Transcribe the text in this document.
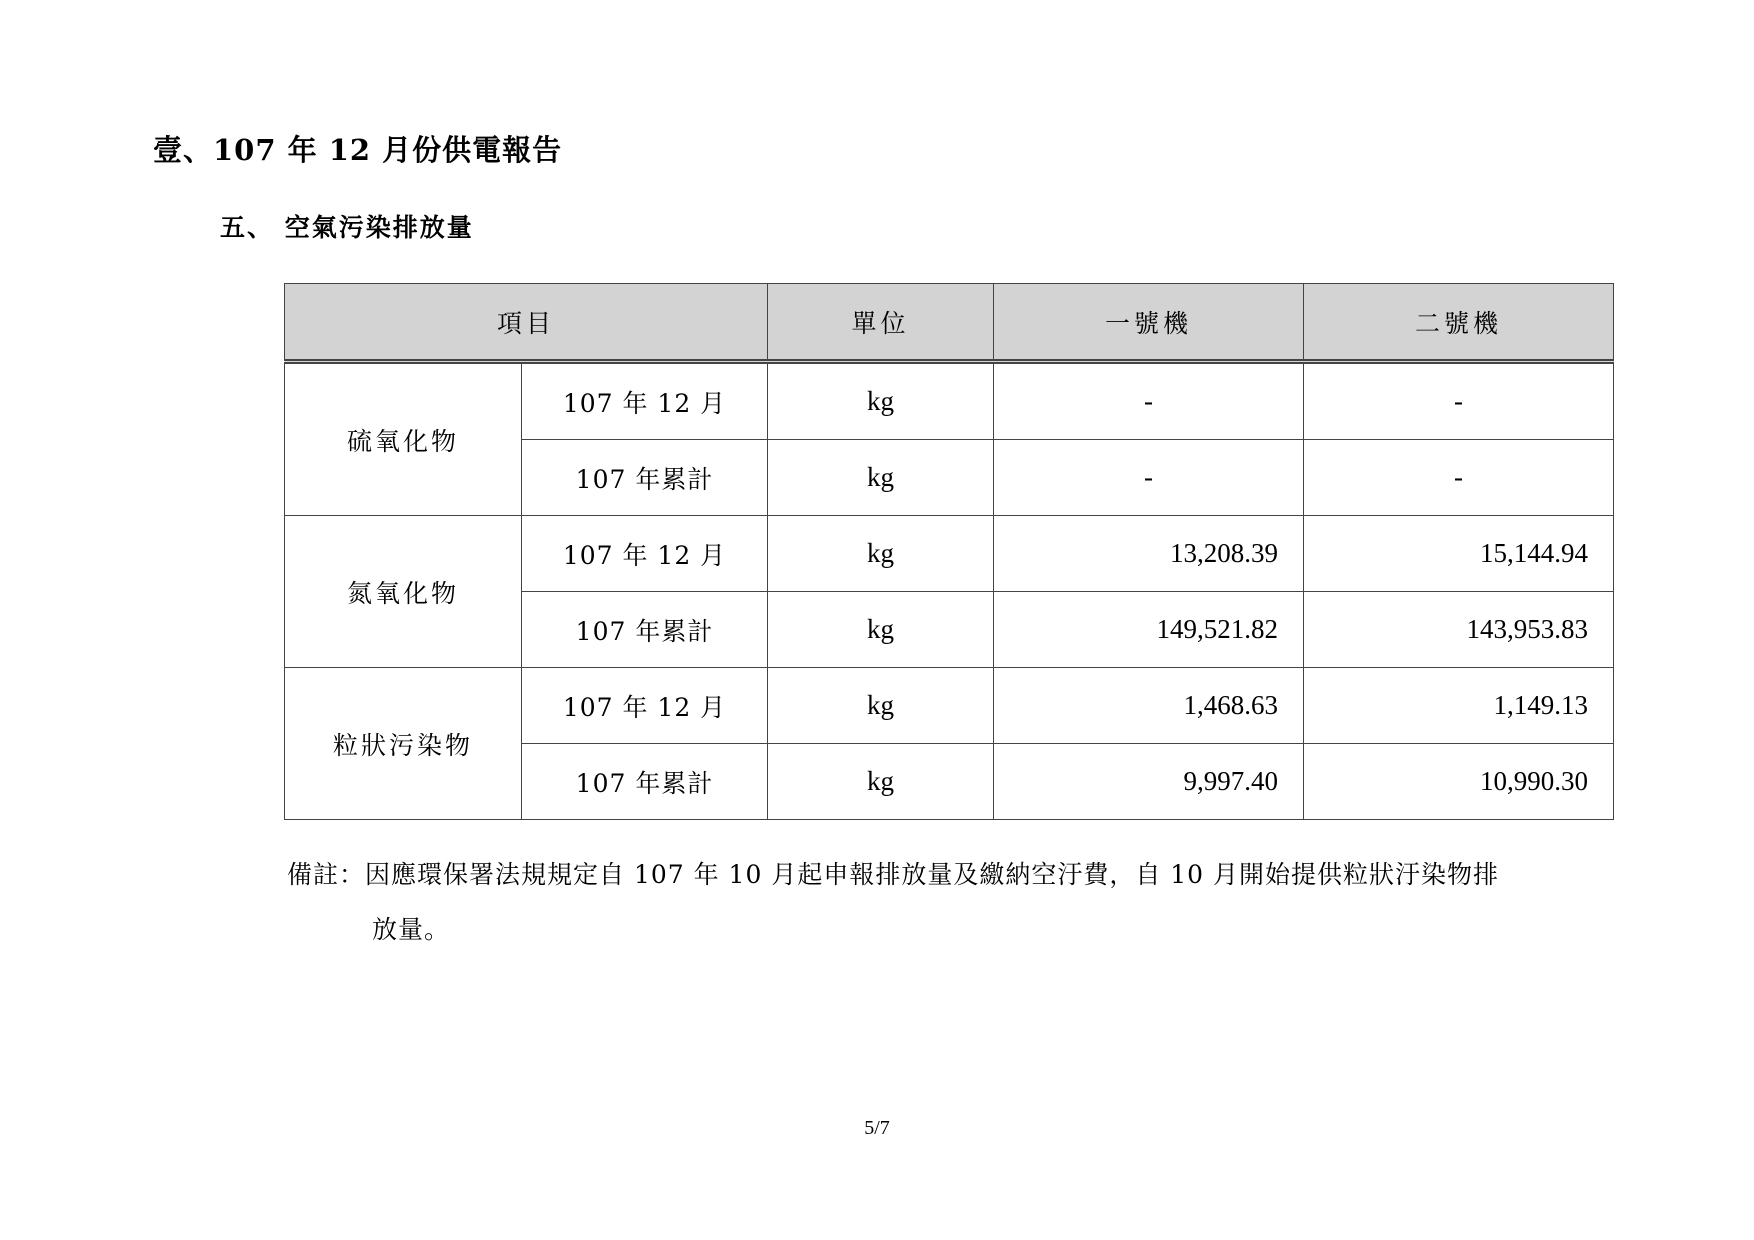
壹、107 年 12 月份供電報告
五、 空氣污染排放量
項目		單位	一號機	二號機
硫氧化物	107 年 12 月	kg	-	-
	107 年累計	kg	-	-
氮氧化物	107 年 12 月	kg	13,208.39	15,144.94
	107 年累計	kg	149,521.82	143,953.83
粒狀污染物	107 年 12 月	kg	1,468.63	1,149.13
	107 年累計	kg	9,997.40	10,990.30
備註：因應環保署法規規定自 107 年 10 月起申報排放量及繳納空汙費，自 10 月開始提供粒狀汙染物排
放量。
5/7
